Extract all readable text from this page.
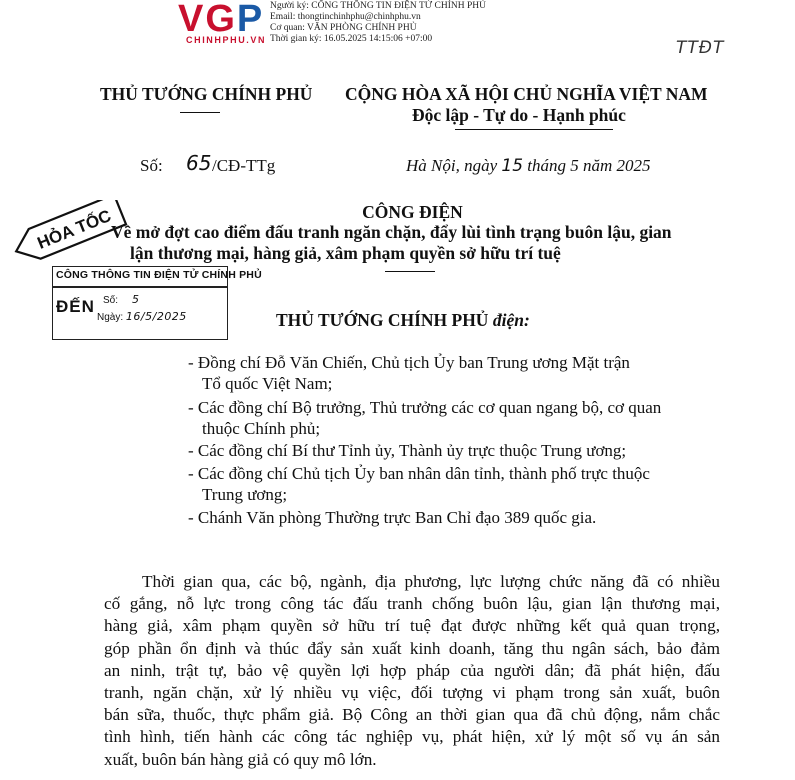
VGP
CHINHPHU.VN
Người ký: CỔNG THÔNG TIN ĐIỆN TỬ CHÍNH PHỦ
Email: thongtinchinhphu@chinhphu.vn
Cơ quan: VĂN PHÒNG CHÍNH PHỦ
Thời gian ký: 16.05.2025 14:15:06 +07:00	TTĐT
THỦ TƯỚNG CHÍNH PHỦ CỘNG HÒA XÃ HỘI CHỦ NGHĨA VIỆT NAM
Độc lập - Tự do - Hạnh phúc
Số: 65 /CĐ-TTg	Hà Nội, ngày 15 tháng 5 năm 2025
HỎA TỐC
CÔNG THÔNG TIN ĐIỆN TỬ CHÍNH PHỦ
ĐẾN Số: 5
Ngày: 16/5/2025
CÔNG ĐIỆN
Về mở đợt cao điểm đấu tranh ngăn chặn, đẩy lùi tình trạng buôn lậu, gian
lận thương mại, hàng giả, xâm phạm quyền sở hữu trí tuệ
THỦ TƯỚNG CHÍNH PHỦ điện:
- Đồng chí Đỗ Văn Chiến, Chủ tịch Ủy ban Trung ương Mặt trận
Tổ quốc Việt Nam;
- Các đồng chí Bộ trưởng, Thủ trưởng các cơ quan ngang bộ, cơ quan
thuộc Chính phủ;
- Các đồng chí Bí thư Tỉnh ủy, Thành ủy trực thuộc Trung ương;
- Các đồng chí Chủ tịch Ủy ban nhân dân tỉnh, thành phố trực thuộc
Trung ương;
- Chánh Văn phòng Thường trực Ban Chỉ đạo 389 quốc gia.
Thời gian qua, các bộ, ngành, địa phương, lực lượng chức năng đã có nhiều
cố gắng, nỗ lực trong công tác đấu tranh chống buôn lậu, gian lận thương mại,
hàng giả, xâm phạm quyền sở hữu trí tuệ đạt được những kết quả quan trọng,
góp phần ổn định và thúc đẩy sản xuất kinh doanh, tăng thu ngân sách, bảo đảm
an ninh, trật tự, bảo vệ quyền lợi hợp pháp của người dân; đã phát hiện, đấu
tranh, ngăn chặn, xử lý nhiều vụ việc, đối tượng vi phạm trong sản xuất, buôn
bán sữa, thuốc, thực phẩm giả. Bộ Công an thời gian qua đã chủ động, nắm chắc
tình hình, tiến hành các công tác nghiệp vụ, phát hiện, xử lý một số vụ án sản
xuất, buôn bán hàng giả có quy mô lớn.
